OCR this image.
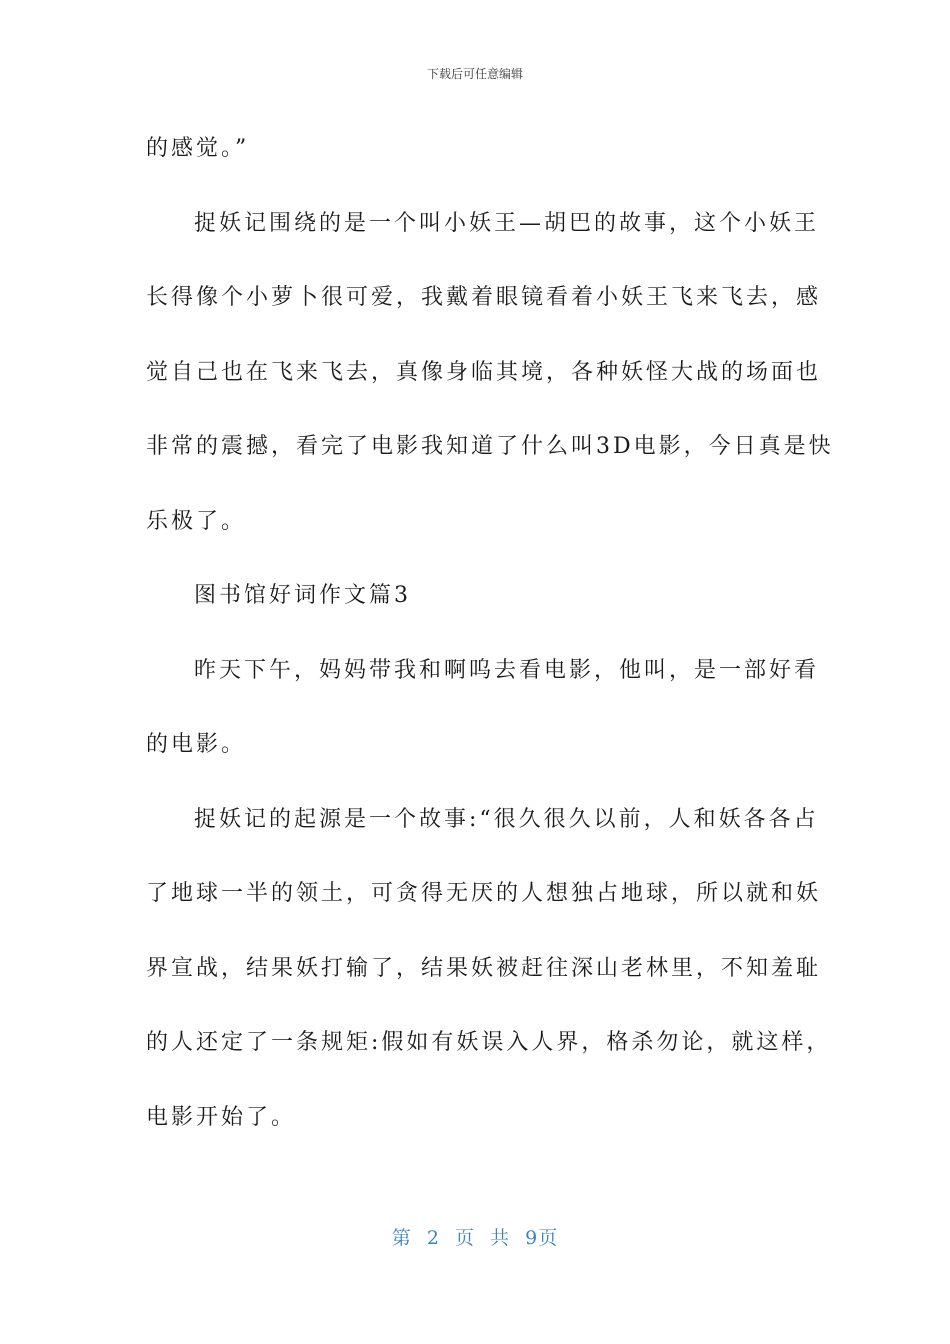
下载后可任意编辑
的感觉。”
捉妖记围绕的是一个叫小妖王—胡巴的故事，这个小妖王
长得像个小萝卜很可爱，我戴着眼镜看着小妖王飞来飞去，感
觉自己也在飞来飞去，真像身临其境，各种妖怪大战的场面也
非常的震撼，看完了电影我知道了什么叫3D电影，今日真是快
乐极了。
图书馆好词作文篇3
昨天下午，妈妈带我和啊呜去看电影，他叫，是一部好看
的电影。
捉妖记的起源是一个故事:“很久很久以前，人和妖各各占
了地球一半的领土，可贪得无厌的人想独占地球，所以就和妖
界宣战，结果妖打输了，结果妖被赶往深山老林里，不知羞耻
的人还定了一条规矩:假如有妖误入人界，格杀勿论，就这样，
电影开始了。
第 2 页 共 9页
